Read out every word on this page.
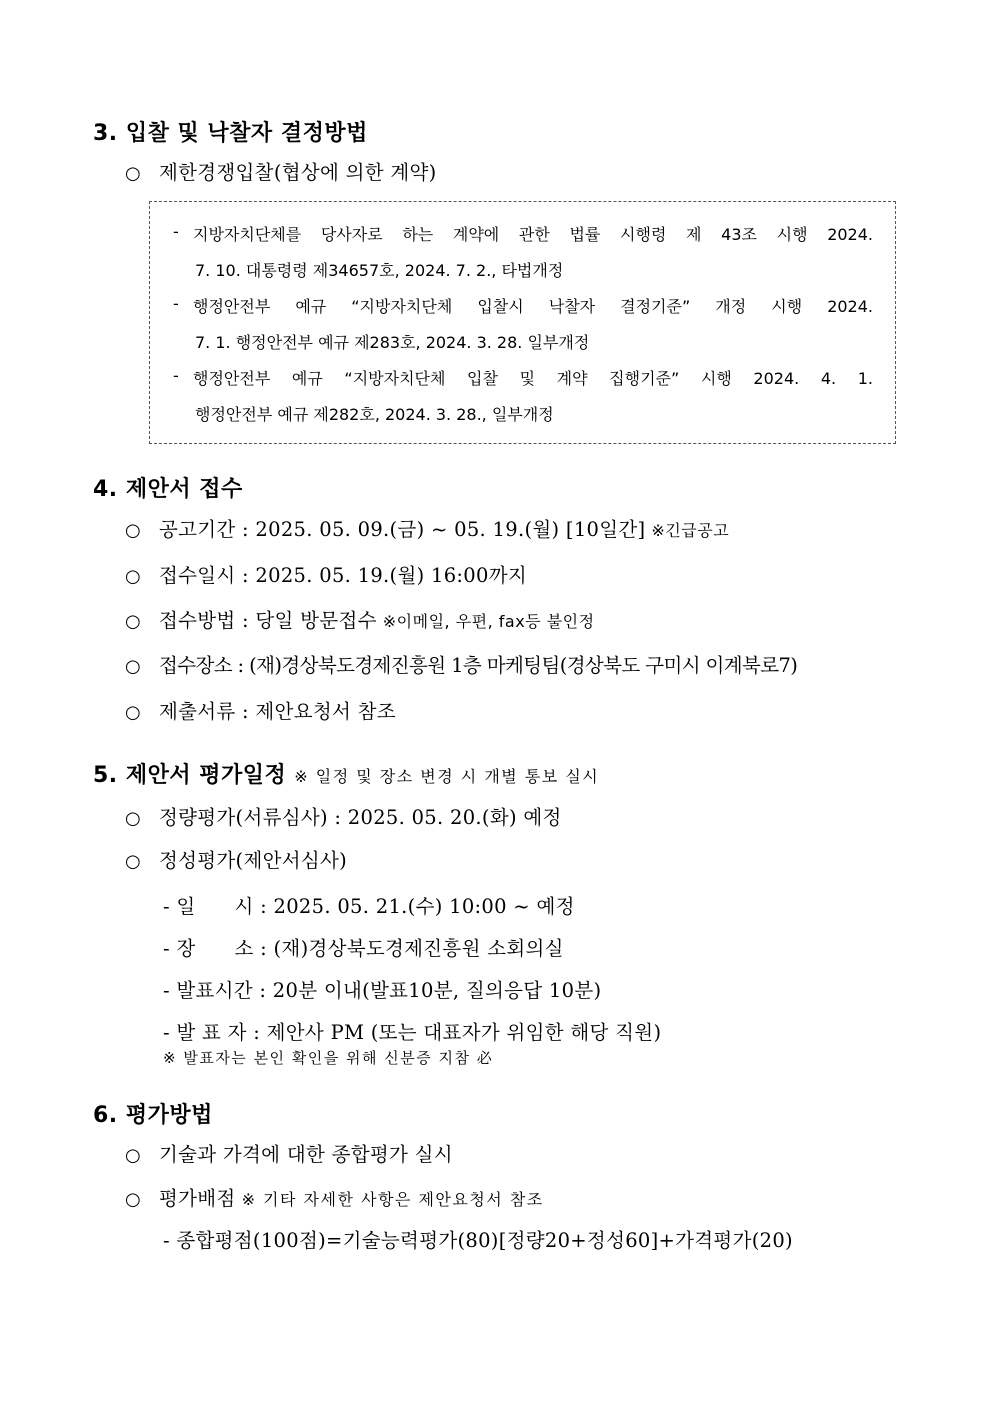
3. 입찰 및 낙찰자 결정방법
○ 제한경쟁입찰(협상에 의한 계약)
- 지방자치단체를 당사자로 하는 계약에 관한 법률 시행령 제 43조 시행 2024.
7. 10. 대통령령 제34657호, 2024. 7. 2., 타법개정
- 행정안전부 예규 “지방자치단체 입찰시 낙찰자 결정기준” 개정 시행 2024.
7. 1. 행정안전부 예규 제283호, 2024. 3. 28. 일부개정
- 행정안전부 예규 “지방자치단체 입찰 및 계약 집행기준” 시행 2024. 4. 1.
행정안전부 예규 제282호, 2024. 3. 28., 일부개정
4. 제안서 접수
○ 공고기간 : 2025. 05. 09.(금) ~ 05. 19.(월) [10일간] ※긴급공고
○ 접수일시 : 2025. 05. 19.(월) 16:00까지
○ 접수방법 : 당일 방문접수 ※이메일, 우편, fax등 불인정
○ 접수장소 : (재)경상북도경제진흥원 1층 마케팅팀(경상북도 구미시 이계북로7)
○ 제출서류 : 제안요청서 참조
5. 제안서 평가일정 ※ 일정 및 장소 변경 시 개별 통보 실시
○ 정량평가(서류심사) : 2025. 05. 20.(화) 예정
○ 정성평가(제안서심사)
- 일      시 : 2025. 05. 21.(수) 10:00 ~ 예정
- 장      소 : (재)경상북도경제진흥원 소회의실
- 발표시간 : 20분 이내(발표10분, 질의응답 10분)
- 발 표 자 : 제안사 PM (또는 대표자가 위임한 해당 직원)
※ 발표자는 본인 확인을 위해 신분증 지참 必
6. 평가방법
○ 기술과 가격에 대한 종합평가 실시
○ 평가배점 ※ 기타 자세한 사항은 제안요청서 참조
- 종합평점(100점)=기술능력평가(80)[정량20+정성60]+가격평가(20)
